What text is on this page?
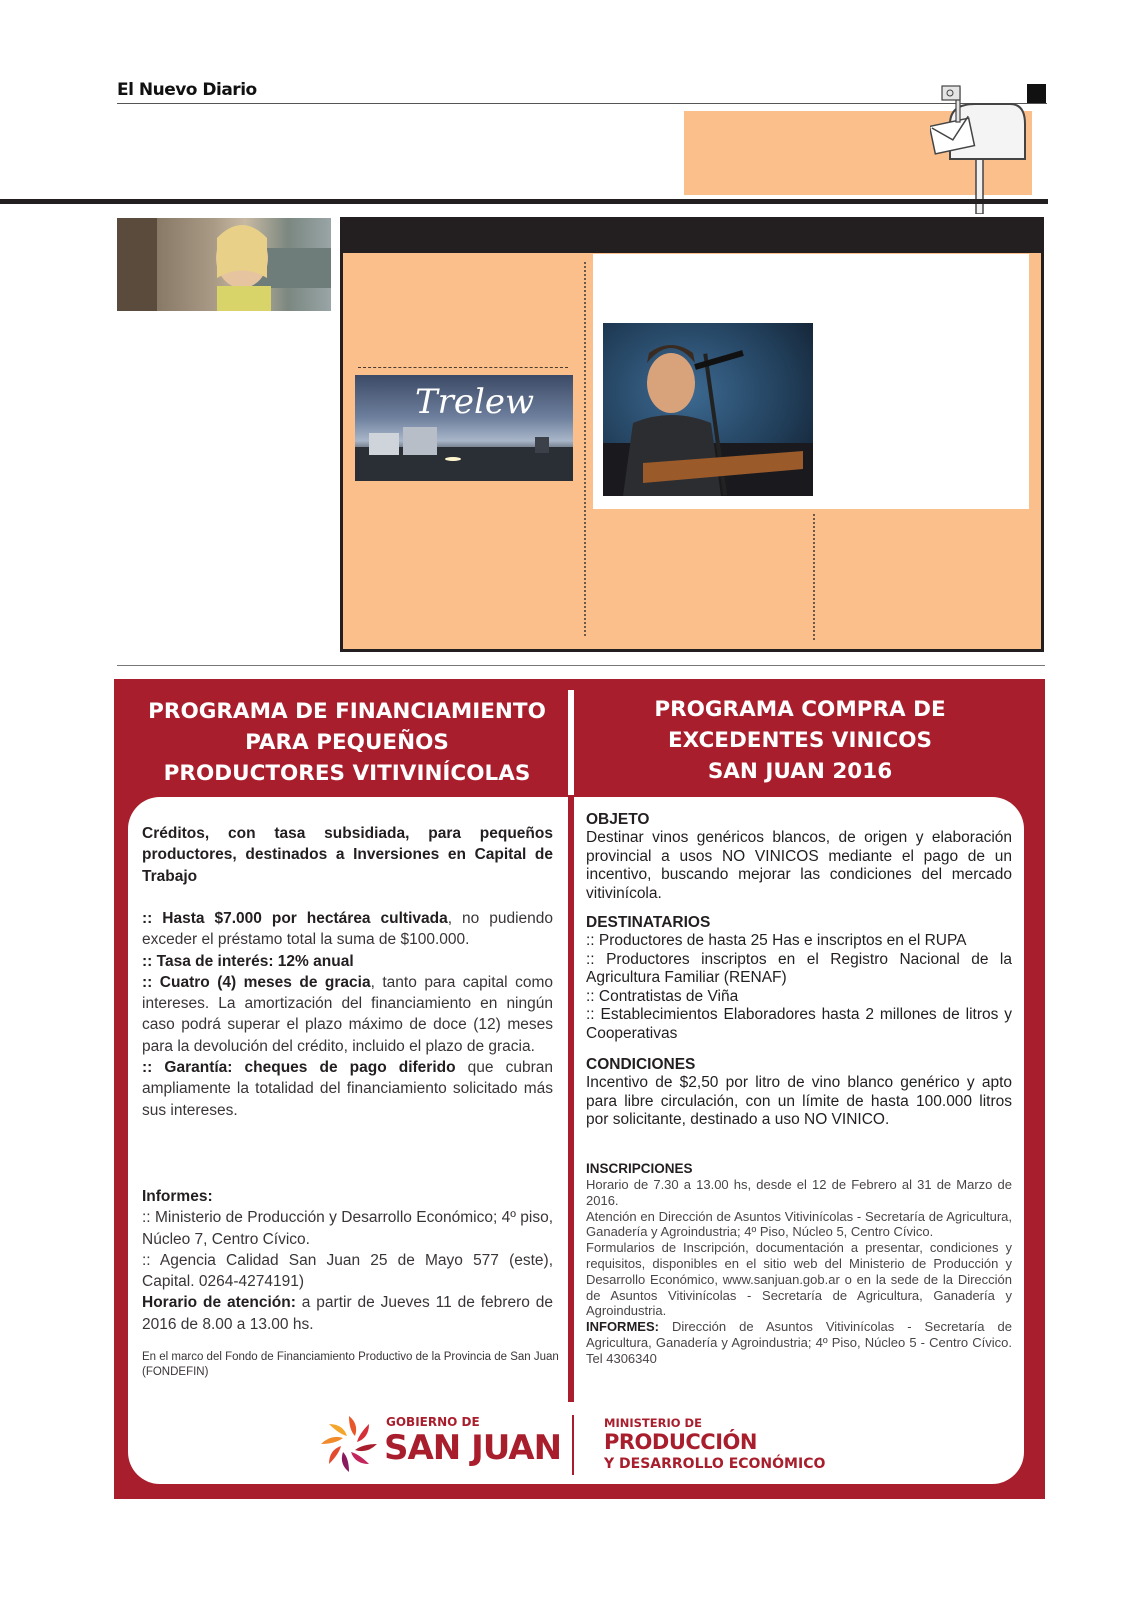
El Nuevo Diario
Trelew
PROGRAMA DE FINANCIAMIENTO
PARA PEQUEÑOS
PRODUCTORES VITIVINÍCOLAS
PROGRAMA COMPRA DE
EXCEDENTES VINICOS
SAN JUAN 2016
Créditos, con tasa subsidiada, para pequeños productores, destinados a Inversiones en Capital de Trabajo
:: Hasta $7.000 por hectárea cultivada, no pudiendo exceder el préstamo total la suma de $100.000.
:: Tasa de interés: 12% anual
:: Cuatro (4) meses de gracia, tanto para capital como intereses. La amortización del financiamiento en ningún caso podrá superar el plazo máximo de doce (12) meses para la devolución del crédito, incluido el plazo de gracia.
:: Garantía: cheques de pago diferido que cubran ampliamente la totalidad del financiamiento solicitado más sus intereses.
Informes:
:: Ministerio de Producción y Desarrollo Económico; 4º piso, Núcleo 7, Centro Cívico.
:: Agencia Calidad San Juan 25 de Mayo 577 (este), Capital. 0264-4274191)
Horario de atención: a partir de Jueves 11 de febrero de 2016 de 8.00 a 13.00 hs.
En el marco del Fondo de Financiamiento Productivo de la Provincia de San Juan (FONDEFIN)
OBJETO
Destinar vinos genéricos blancos, de origen y elaboración provincial a usos NO VINICOS mediante el pago de un incentivo, buscando mejorar las condiciones del mercado vitivinícola.
DESTINATARIOS
:: Productores de hasta 25 Has e inscriptos en el RUPA
:: Productores inscriptos en el Registro Nacional de la Agricultura Familiar (RENAF)
:: Contratistas de Viña
:: Establecimientos Elaboradores hasta 2 millones de litros y Cooperativas
CONDICIONES
Incentivo de $2,50 por litro de vino blanco genérico y apto para libre circulación, con un límite de hasta 100.000 litros por solicitante, destinado a uso NO VINICO.
INSCRIPCIONES
Horario de 7.30 a 13.00 hs, desde el 12 de Febrero al 31 de Marzo de 2016.
Atención en Dirección de Asuntos Vitivinícolas - Secretaría de Agricultura, Ganadería y Agroindustria; 4º Piso, Núcleo 5, Centro Cívico.
Formularios de Inscripción, documentación a presentar, condiciones y requisitos, disponibles en el sitio web del Ministerio de Producción y Desarrollo Económico, www.sanjuan.gob.ar o en la sede de la Dirección de Asuntos Vitivinícolas - Secretaría de Agricultura, Ganadería y Agroindustria.
INFORMES: Dirección de Asuntos Vitivinícolas - Secretaría de Agricultura, Ganadería y Agroindustria; 4º Piso, Núcleo 5 - Centro Cívico. Tel 4306340
GOBIERNO DE
SAN JUAN
MINISTERIO DE
PRODUCCIÓN
Y DESARROLLO ECONÓMICO
